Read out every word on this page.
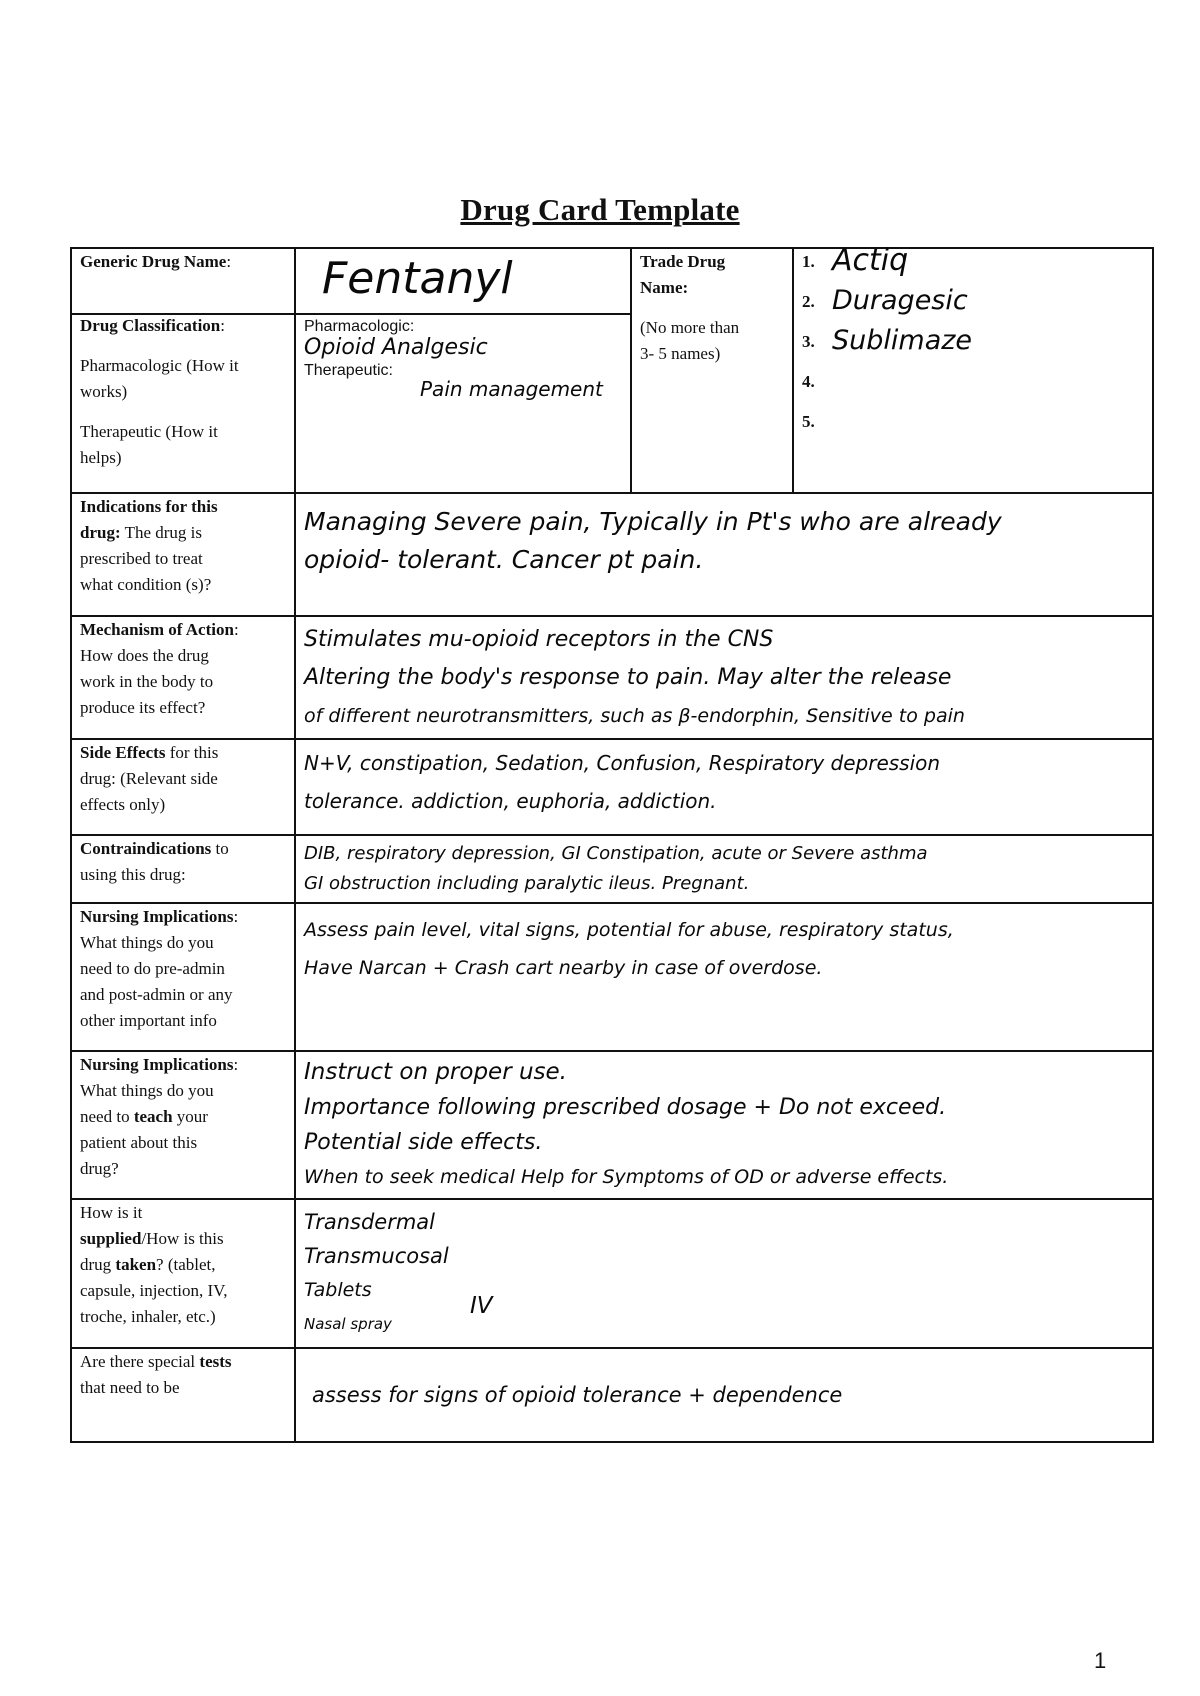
Drug Card Template
Generic Drug Name: Fentanyl	Trade Drug
Name:
(No more than
3- 5 names)
1. Actiq
2. Duragesic
3. Sublimaze
4.
5.
Drug Classification:
Pharmacologic (How it
works)
Therapeutic (How it
helps)
Pharmacologic:
Opioid Analgesic
Therapeutic:
Pain management
Indications for this
drug: The drug is
prescribed to treat
what condition (s)?
Managing Severe pain, Typically in Pt's who are already
opioid- tolerant. Cancer pt pain.
Mechanism of Action:
How does the drug
work in the body to
produce its effect?
Stimulates mu-opioid receptors in the CNS
Altering the body's response to pain. May alter the release
of different neurotransmitters, such as β-endorphin, Sensitive to pain
Side Effects for this
drug: (Relevant side
effects only)
N+V, constipation, Sedation, Confusion, Respiratory depression
tolerance. addiction, euphoria, addiction.
Contraindications to
using this drug:
DIB, respiratory depression, GI Constipation, acute or Severe asthma
GI obstruction including paralytic ileus. Pregnant.
Nursing Implications:
What things do you
need to do pre-admin
and post-admin or any
other important info
Assess pain level, vital signs, potential for abuse, respiratory status,
Have Narcan + Crash cart nearby in case of overdose.
Nursing Implications:
What things do you
need to teach your
patient about this
drug?
Instruct on proper use.
Importance following prescribed dosage + Do not exceed.
Potential side effects.
When to seek medical Help for Symptoms of OD or adverse effects.
How is it
supplied/How is this
drug taken? (tablet,
capsule, injection, IV,
troche, inhaler, etc.)
Transdermal
Transmucosal
Tablets
Nasal spray
IV
Are there special tests
that need to be	assess for signs of opioid tolerance + dependence
1
